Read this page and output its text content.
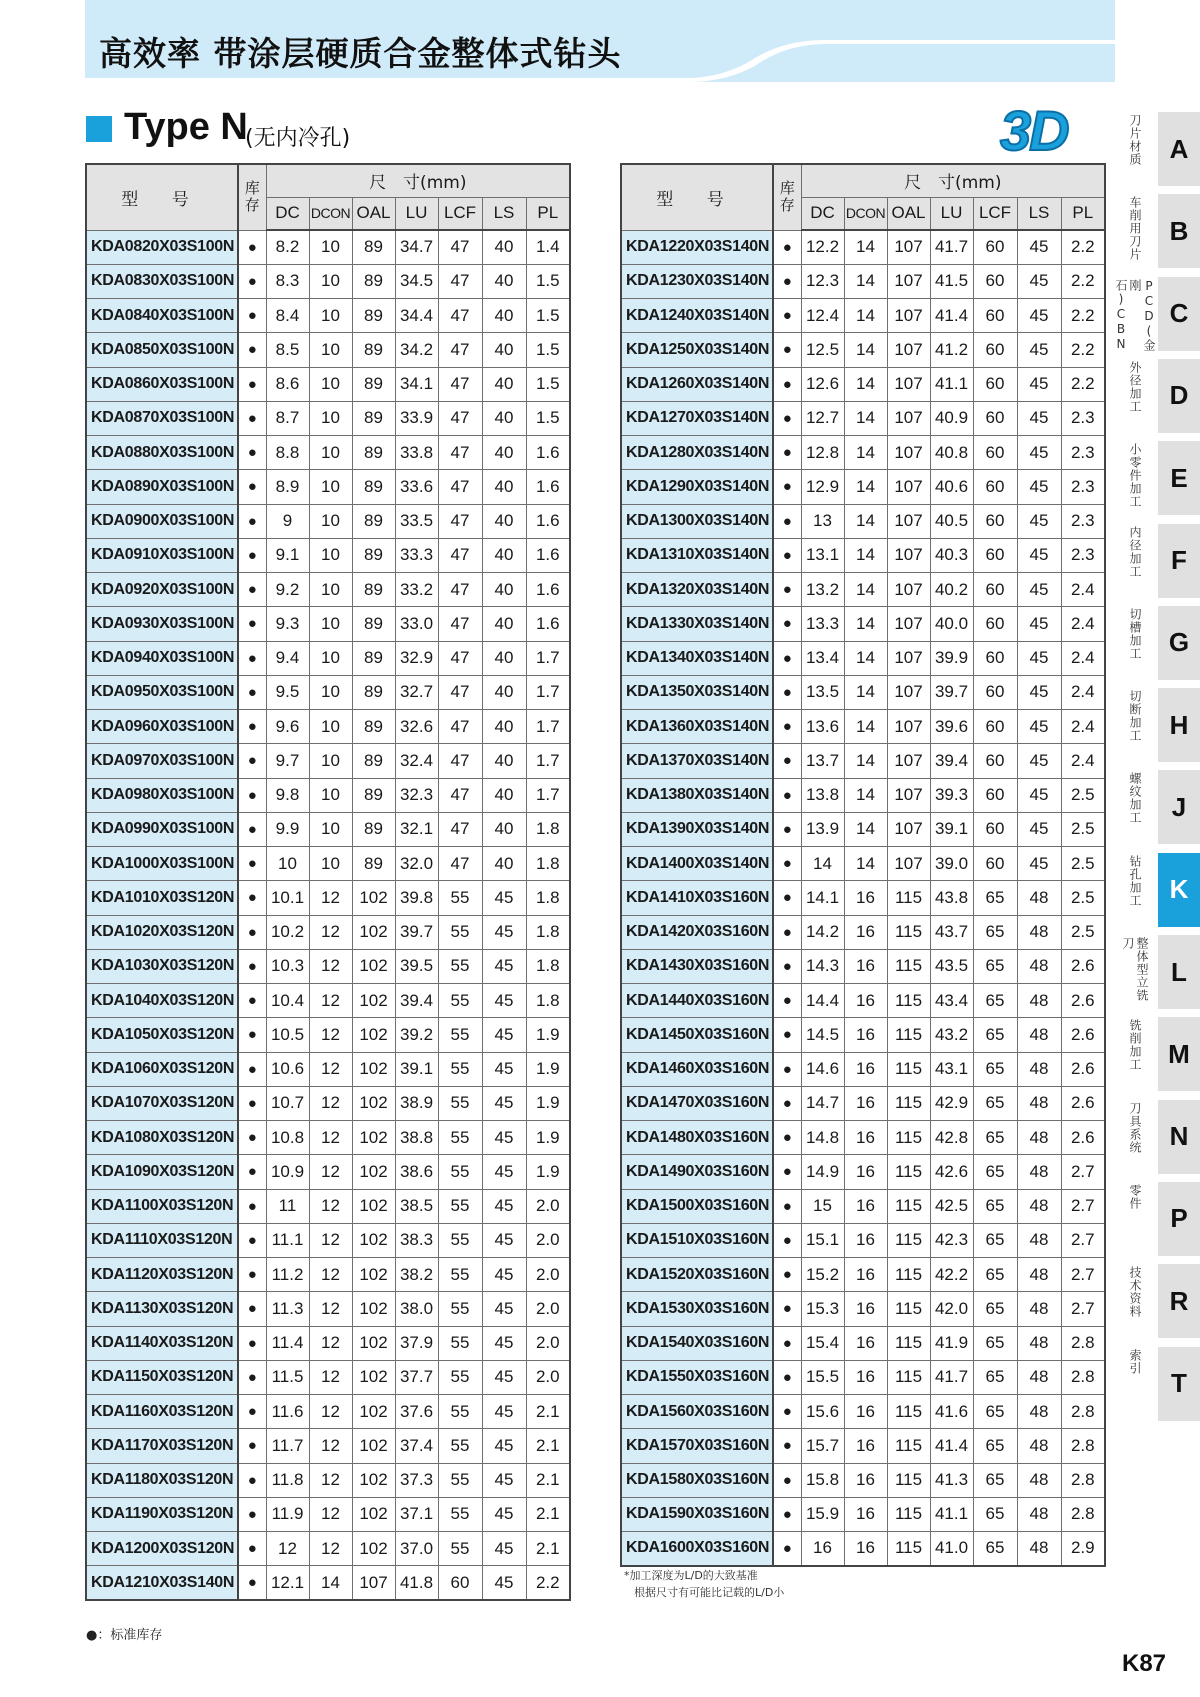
高效率 带涂层硬质合金整体式钻头
Type N
(无内冷孔)	3D
型 号	库存	尺　寸(mm)						
		DC	DCON	OAL	LU	LCF	LS	PL
KDA0820X03S100N	●	8.2	10	89	34.7	47	40	1.4
KDA0830X03S100N	●	8.3	10	89	34.5	47	40	1.5
KDA0840X03S100N	●	8.4	10	89	34.4	47	40	1.5
KDA0850X03S100N	●	8.5	10	89	34.2	47	40	1.5
KDA0860X03S100N	●	8.6	10	89	34.1	47	40	1.5
KDA0870X03S100N	●	8.7	10	89	33.9	47	40	1.5
KDA0880X03S100N	●	8.8	10	89	33.8	47	40	1.6
KDA0890X03S100N	●	8.9	10	89	33.6	47	40	1.6
KDA0900X03S100N	●	9	10	89	33.5	47	40	1.6
KDA0910X03S100N	●	9.1	10	89	33.3	47	40	1.6
KDA0920X03S100N	●	9.2	10	89	33.2	47	40	1.6
KDA0930X03S100N	●	9.3	10	89	33.0	47	40	1.6
KDA0940X03S100N	●	9.4	10	89	32.9	47	40	1.7
KDA0950X03S100N	●	9.5	10	89	32.7	47	40	1.7
KDA0960X03S100N	●	9.6	10	89	32.6	47	40	1.7
KDA0970X03S100N	●	9.7	10	89	32.4	47	40	1.7
KDA0980X03S100N	●	9.8	10	89	32.3	47	40	1.7
KDA0990X03S100N	●	9.9	10	89	32.1	47	40	1.8
KDA1000X03S100N	●	10	10	89	32.0	47	40	1.8
KDA1010X03S120N	●	10.1	12	102	39.8	55	45	1.8
KDA1020X03S120N	●	10.2	12	102	39.7	55	45	1.8
KDA1030X03S120N	●	10.3	12	102	39.5	55	45	1.8
KDA1040X03S120N	●	10.4	12	102	39.4	55	45	1.8
KDA1050X03S120N	●	10.5	12	102	39.2	55	45	1.9
KDA1060X03S120N	●	10.6	12	102	39.1	55	45	1.9
KDA1070X03S120N	●	10.7	12	102	38.9	55	45	1.9
KDA1080X03S120N	●	10.8	12	102	38.8	55	45	1.9
KDA1090X03S120N	●	10.9	12	102	38.6	55	45	1.9
KDA1100X03S120N	●	11	12	102	38.5	55	45	2.0
KDA1110X03S120N	●	11.1	12	102	38.3	55	45	2.0
KDA1120X03S120N	●	11.2	12	102	38.2	55	45	2.0
KDA1130X03S120N	●	11.3	12	102	38.0	55	45	2.0
KDA1140X03S120N	●	11.4	12	102	37.9	55	45	2.0
KDA1150X03S120N	●	11.5	12	102	37.7	55	45	2.0
KDA1160X03S120N	●	11.6	12	102	37.6	55	45	2.1
KDA1170X03S120N	●	11.7	12	102	37.4	55	45	2.1
KDA1180X03S120N	●	11.8	12	102	37.3	55	45	2.1
KDA1190X03S120N	●	11.9	12	102	37.1	55	45	2.1
KDA1200X03S120N	●	12	12	102	37.0	55	45	2.1
KDA1210X03S140N	●	12.1	14	107	41.8	60	45	2.2
型 号	库存	尺　寸(mm)						
		DC	DCON	OAL	LU	LCF	LS	PL
KDA1220X03S140N	●	12.2	14	107	41.7	60	45	2.2
KDA1230X03S140N	●	12.3	14	107	41.5	60	45	2.2
KDA1240X03S140N	●	12.4	14	107	41.4	60	45	2.2
KDA1250X03S140N	●	12.5	14	107	41.2	60	45	2.2
KDA1260X03S140N	●	12.6	14	107	41.1	60	45	2.2
KDA1270X03S140N	●	12.7	14	107	40.9	60	45	2.3
KDA1280X03S140N	●	12.8	14	107	40.8	60	45	2.3
KDA1290X03S140N	●	12.9	14	107	40.6	60	45	2.3
KDA1300X03S140N	●	13	14	107	40.5	60	45	2.3
KDA1310X03S140N	●	13.1	14	107	40.3	60	45	2.3
KDA1320X03S140N	●	13.2	14	107	40.2	60	45	2.4
KDA1330X03S140N	●	13.3	14	107	40.0	60	45	2.4
KDA1340X03S140N	●	13.4	14	107	39.9	60	45	2.4
KDA1350X03S140N	●	13.5	14	107	39.7	60	45	2.4
KDA1360X03S140N	●	13.6	14	107	39.6	60	45	2.4
KDA1370X03S140N	●	13.7	14	107	39.4	60	45	2.4
KDA1380X03S140N	●	13.8	14	107	39.3	60	45	2.5
KDA1390X03S140N	●	13.9	14	107	39.1	60	45	2.5
KDA1400X03S140N	●	14	14	107	39.0	60	45	2.5
KDA1410X03S160N	●	14.1	16	115	43.8	65	48	2.5
KDA1420X03S160N	●	14.2	16	115	43.7	65	48	2.5
KDA1430X03S160N	●	14.3	16	115	43.5	65	48	2.6
KDA1440X03S160N	●	14.4	16	115	43.4	65	48	2.6
KDA1450X03S160N	●	14.5	16	115	43.2	65	48	2.6
KDA1460X03S160N	●	14.6	16	115	43.1	65	48	2.6
KDA1470X03S160N	●	14.7	16	115	42.9	65	48	2.6
KDA1480X03S160N	●	14.8	16	115	42.8	65	48	2.6
KDA1490X03S160N	●	14.9	16	115	42.6	65	48	2.7
KDA1500X03S160N	●	15	16	115	42.5	65	48	2.7
KDA1510X03S160N	●	15.1	16	115	42.3	65	48	2.7
KDA1520X03S160N	●	15.2	16	115	42.2	65	48	2.7
KDA1530X03S160N	●	15.3	16	115	42.0	65	48	2.7
KDA1540X03S160N	●	15.4	16	115	41.9	65	48	2.8
KDA1550X03S160N	●	15.5	16	115	41.7	65	48	2.8
KDA1560X03S160N	●	15.6	16	115	41.6	65	48	2.8
KDA1570X03S160N	●	15.7	16	115	41.4	65	48	2.8
KDA1580X03S160N	●	15.8	16	115	41.3	65	48	2.8
KDA1590X03S160N	●	15.9	16	115	41.1	65	48	2.8
KDA1600X03S160N	●	16	16	115	41.0	65	48	2.9
*加工深度为L/D的大致基准
根据尺寸有可能比记载的L/D小
●：标准库存
K87
刀片材质	A
车削用刀片	B
PCD(金刚石)CBN	C
外径加工	D
小零件加工	E
内径加工	F
切槽加工	G
切断加工	H
螺纹加工	J
钻孔加工	K
整体型立铣刀
L
铣削加工	M
刀具系统	N
零件
P
技术资料	R
索引
T
